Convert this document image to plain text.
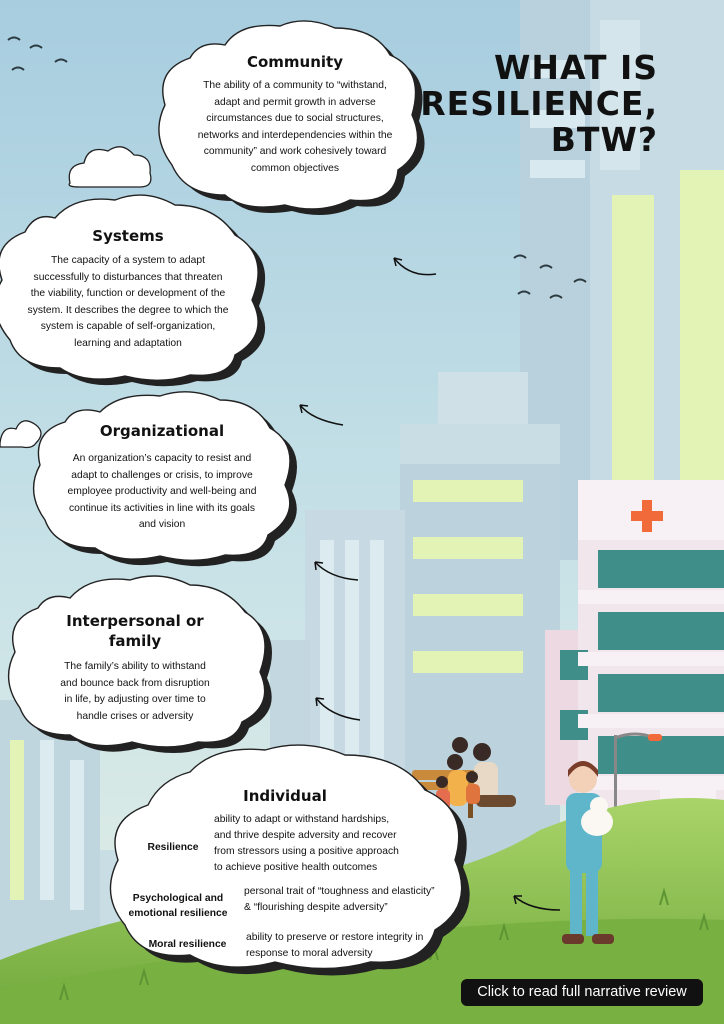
WHAT IS
RESILIENCE,
BTW?
Community

The ability of a community to “withstand,
adapt and permit growth in adverse
circumstances due to social structures,
networks and interdependencies within the
community” and work cohesively toward
common objectives

Systems

The capacity of a system to adapt
successfully to disturbances that threaten
the viability, function or development of the
system. It describes the degree to which the
system is capable of self-organization,
learning and adaptation

Organizational

An organization’s capacity to resist and
adapt to challenges or crisis, to improve
employee productivity and well-being and
continue its activities in line with its goals
and vision

Interpersonal or
family

The family’s ability to withstand
and bounce back from disruption
in life, by adjusting over time to
handle crises or adversity

Individual
Resilience
ability to adapt or withstand hardships,
and thrive despite adversity and recover
from stressors using a positive approach
to achieve positive health outcomes
Psychological and
emotional resilience
personal trait of “toughness and elasticity”
& “flourishing despite adversity”
Moral resilience
ability to preserve or restore integrity in
response to moral adversity
Click to read full narrative review
